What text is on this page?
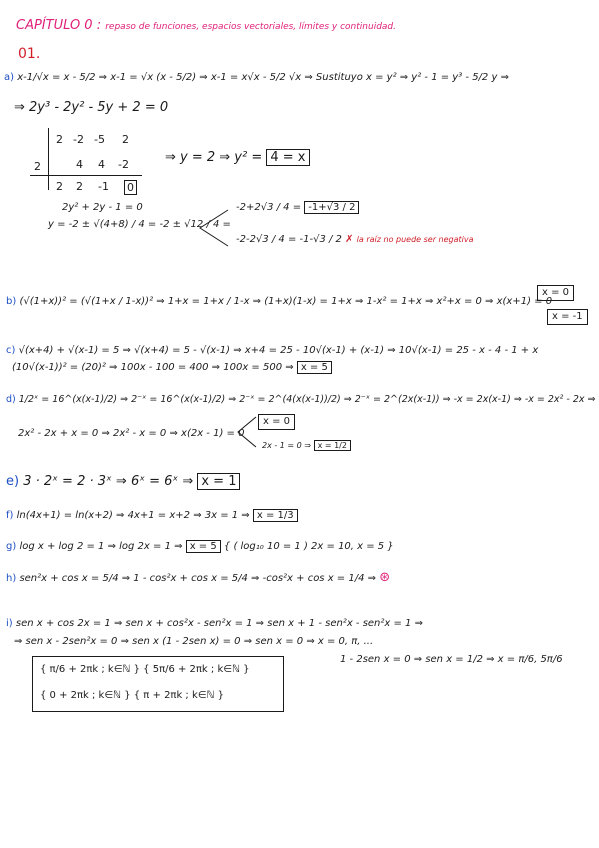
CAPÍTULO 0 : repaso de funciones, espacios vectoriales, límites y continuidad.
01.
a) x-1/√x = x - 5/2 ⇒ x-1 = √x (x - 5/2) ⇒ x-1 = x√x - 5/2 √x ⇒ Sustituyo x = y² ⇒ y² - 1 = y³ - 5/2 y ⇒
⇒ 2y³ - 2y² - 5y + 2 = 0
2 -2 -5 2
2	4 4 -2
2 2 -1 0
⇒ y = 2 ⇒ y² = 4 = x
2y² + 2y - 1 = 0
y = -2 ± √(4+8) / 4 = -2 ± √12 / 4 =
-2+2√3 / 4 = -1+√3 / 2
-2-2√3 / 4 = -1-√3 / 2 ✗ la raíz no puede ser negativa
b) (√(1+x))² = (√(1+x / 1-x))² ⇒ 1+x = 1+x / 1-x ⇒ (1+x)(1-x) = 1+x ⇒ 1-x² = 1+x ⇒ x²+x = 0 ⇒ x(x+1) = 0
x = 0
x = -1
c) √(x+4) + √(x-1) = 5 ⇒ √(x+4) = 5 - √(x-1) ⇒ x+4 = 25 - 10√(x-1) + (x-1) ⇒ 10√(x-1) = 25 - x - 4 - 1 + x
(10√(x-1))² = (20)² ⇒ 100x - 100 = 400 ⇒ 100x = 500 ⇒ x = 5
d) 1/2ˣ = 16^(x(x-1)/2) ⇒ 2⁻ˣ = 16^(x(x-1)/2) ⇒ 2⁻ˣ = 2^(4(x(x-1))/2) ⇒ 2⁻ˣ = 2^(2x(x-1)) ⇒ -x = 2x(x-1) ⇒ -x = 2x² - 2x ⇒
2x² - 2x + x = 0 ⇒ 2x² - x = 0 ⇒ x(2x - 1) = 0
x = 0
2x - 1 = 0 ⇒ x = 1/2
e) 3 · 2ˣ = 2 · 3ˣ ⇒ 6ˣ = 6ˣ ⇒ x = 1
f) ln(4x+1) = ln(x+2) ⇒ 4x+1 = x+2 ⇒ 3x = 1 ⇒ x = 1/3
g) log x + log 2 = 1 ⇒ log 2x = 1 ⇒ x = 5 { ( log₁₀ 10 = 1 ) 2x = 10, x = 5 }
h) sen²x + cos x = 5/4 ⇒ 1 - cos²x + cos x = 5/4 ⇒ -cos²x + cos x = 1/4 ⇒ ⊛
i) sen x + cos 2x = 1 ⇒ sen x + cos²x - sen²x = 1 ⇒ sen x + 1 - sen²x - sen²x = 1 ⇒
⇒ sen x - 2sen²x = 0 ⇒ sen x (1 - 2sen x) = 0 ⇒ sen x = 0 ⇒ x = 0, π, ...
1 - 2sen x = 0 ⇒ sen x = 1/2 ⇒ x = π/6, 5π/6
{ π/6 + 2πk ; k∈ℕ } { 5π/6 + 2πk ; k∈ℕ }
{ 0 + 2πk ; k∈ℕ } { π + 2πk ; k∈ℕ }
